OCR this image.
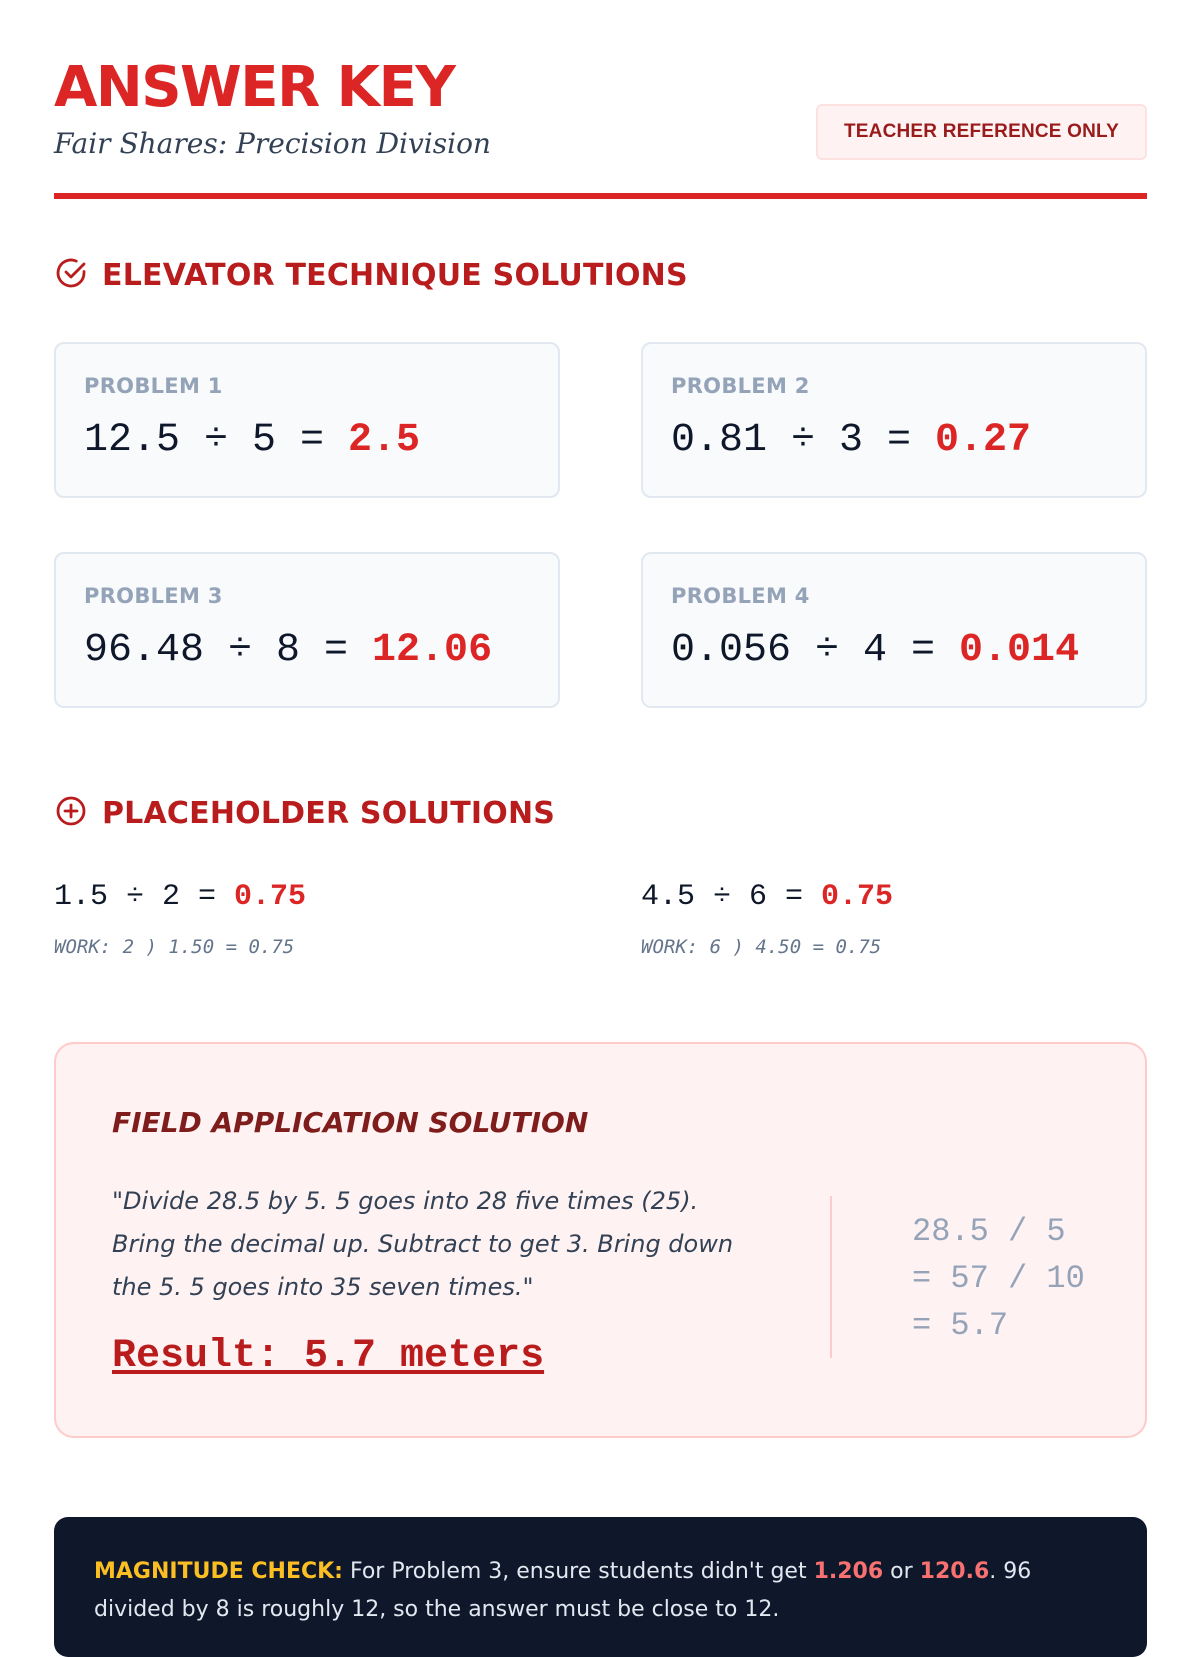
ANSWER KEY
Fair Shares: Precision Division	TEACHER REFERENCE ONLY
ELEVATOR TECHNIQUE SOLUTIONS
PROBLEM 1
12.5 ÷ 5 = 2.5
PROBLEM 2
0.81 ÷ 3 = 0.27
PROBLEM 3
96.48 ÷ 8 = 12.06
PROBLEM 4
0.056 ÷ 4 = 0.014
PLACEHOLDER SOLUTIONS
1.5 ÷ 2 = 0.75
WORK: 2 ) 1.50 = 0.75
4.5 ÷ 6 = 0.75
WORK: 6 ) 4.50 = 0.75
FIELD APPLICATION SOLUTION
"Divide 28.5 by 5. 5 goes into 28 five times (25). Bring the decimal up. Subtract to get 3. Bring down the 5. 5 goes into 35 seven times."
Result: 5.7 meters
28.5 / 5
= 57 / 10
= 5.7
MAGNITUDE CHECK: For Problem 3, ensure students didn't get 1.206 or 120.6. 96 divided by 8 is roughly 12, so the answer must be close to 12.
